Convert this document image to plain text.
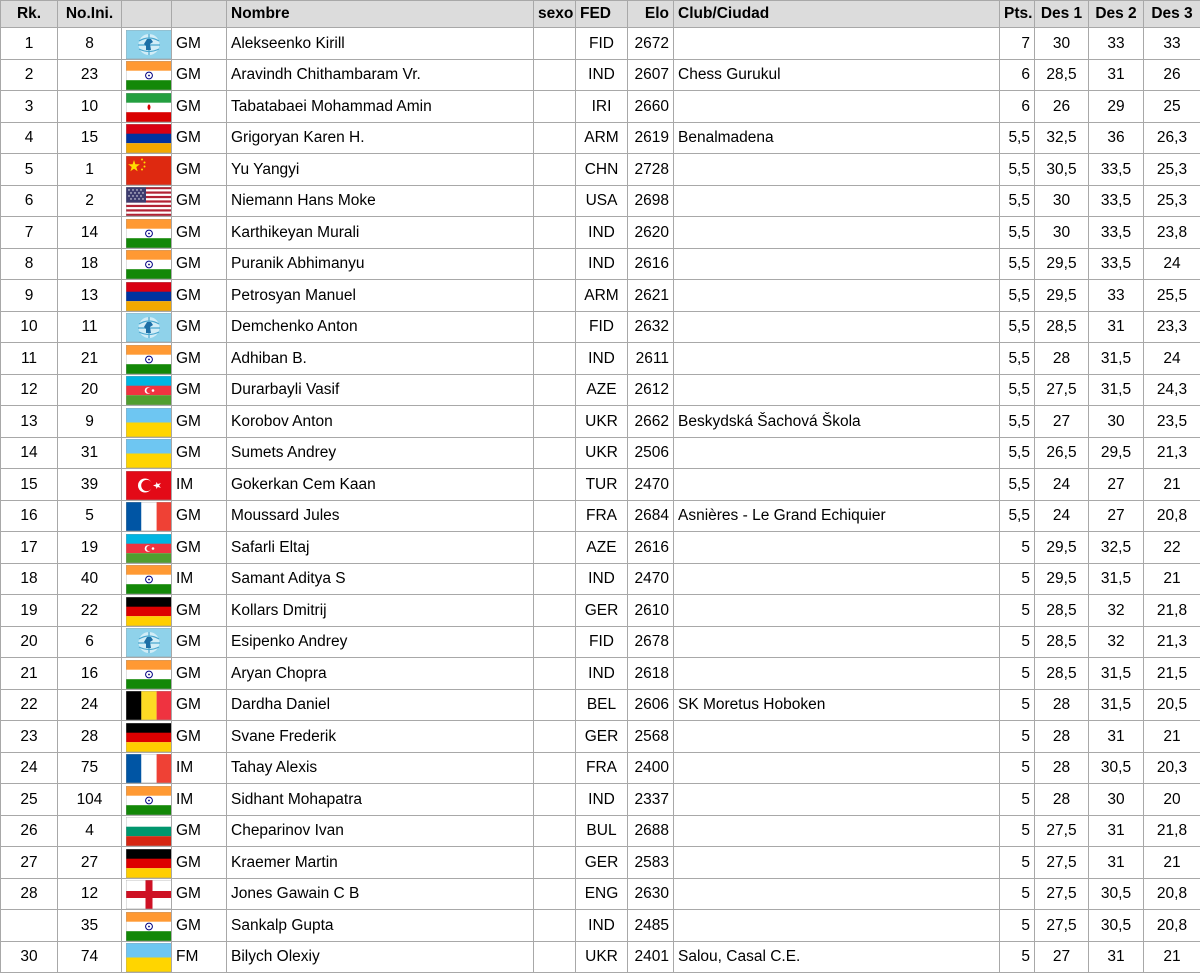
Rk.	No.Ini.			Nombre	sexo	FED	Elo	Club/Ciudad	Pts.	Des 1	Des 2	Des 3
1	8		GM	Alekseenko Kirill		FID	2672		7	30	33	33
2	23		GM	Aravindh Chithambaram Vr.		IND	2607	Chess Gurukul	6	28,5	31	26
3	10		GM	Tabatabaei Mohammad Amin		IRI	2660		6	26	29	25
4	15		GM	Grigoryan Karen H.		ARM	2619	Benalmadena	5,5	32,5	36	26,3
5	1		GM	Yu Yangyi		CHN	2728		5,5	30,5	33,5	25,3
6	2		GM	Niemann Hans Moke		USA	2698		5,5	30	33,5	25,3
7	14		GM	Karthikeyan Murali		IND	2620		5,5	30	33,5	23,8
8	18		GM	Puranik Abhimanyu		IND	2616		5,5	29,5	33,5	24
9	13		GM	Petrosyan Manuel		ARM	2621		5,5	29,5	33	25,5
10	11		GM	Demchenko Anton		FID	2632		5,5	28,5	31	23,3
11	21		GM	Adhiban B.		IND	2611		5,5	28	31,5	24
12	20		GM	Durarbayli Vasif		AZE	2612		5,5	27,5	31,5	24,3
13	9		GM	Korobov Anton		UKR	2662	Beskydská Šachová Škola	5,5	27	30	23,5
14	31		GM	Sumets Andrey		UKR	2506		5,5	26,5	29,5	21,3
15	39		IM	Gokerkan Cem Kaan		TUR	2470		5,5	24	27	21
16	5		GM	Moussard Jules		FRA	2684	Asnières - Le Grand Echiquier	5,5	24	27	20,8
17	19		GM	Safarli Eltaj		AZE	2616		5	29,5	32,5	22
18	40		IM	Samant Aditya S		IND	2470		5	29,5	31,5	21
19	22		GM	Kollars Dmitrij		GER	2610		5	28,5	32	21,8
20	6		GM	Esipenko Andrey		FID	2678		5	28,5	32	21,3
21	16		GM	Aryan Chopra		IND	2618		5	28,5	31,5	21,5
22	24		GM	Dardha Daniel		BEL	2606	SK Moretus Hoboken	5	28	31,5	20,5
23	28		GM	Svane Frederik		GER	2568		5	28	31	21
24	75		IM	Tahay Alexis		FRA	2400		5	28	30,5	20,3
25	104		IM	Sidhant Mohapatra		IND	2337		5	28	30	20
26	4		GM	Cheparinov Ivan		BUL	2688		5	27,5	31	21,8
27	27		GM	Kraemer Martin		GER	2583		5	27,5	31	21
28	12		GM	Jones Gawain C B		ENG	2630		5	27,5	30,5	20,8
	35		GM	Sankalp Gupta		IND	2485		5	27,5	30,5	20,8
30	74		FM	Bilych Olexiy		UKR	2401	Salou, Casal C.E.	5	27	31	21
